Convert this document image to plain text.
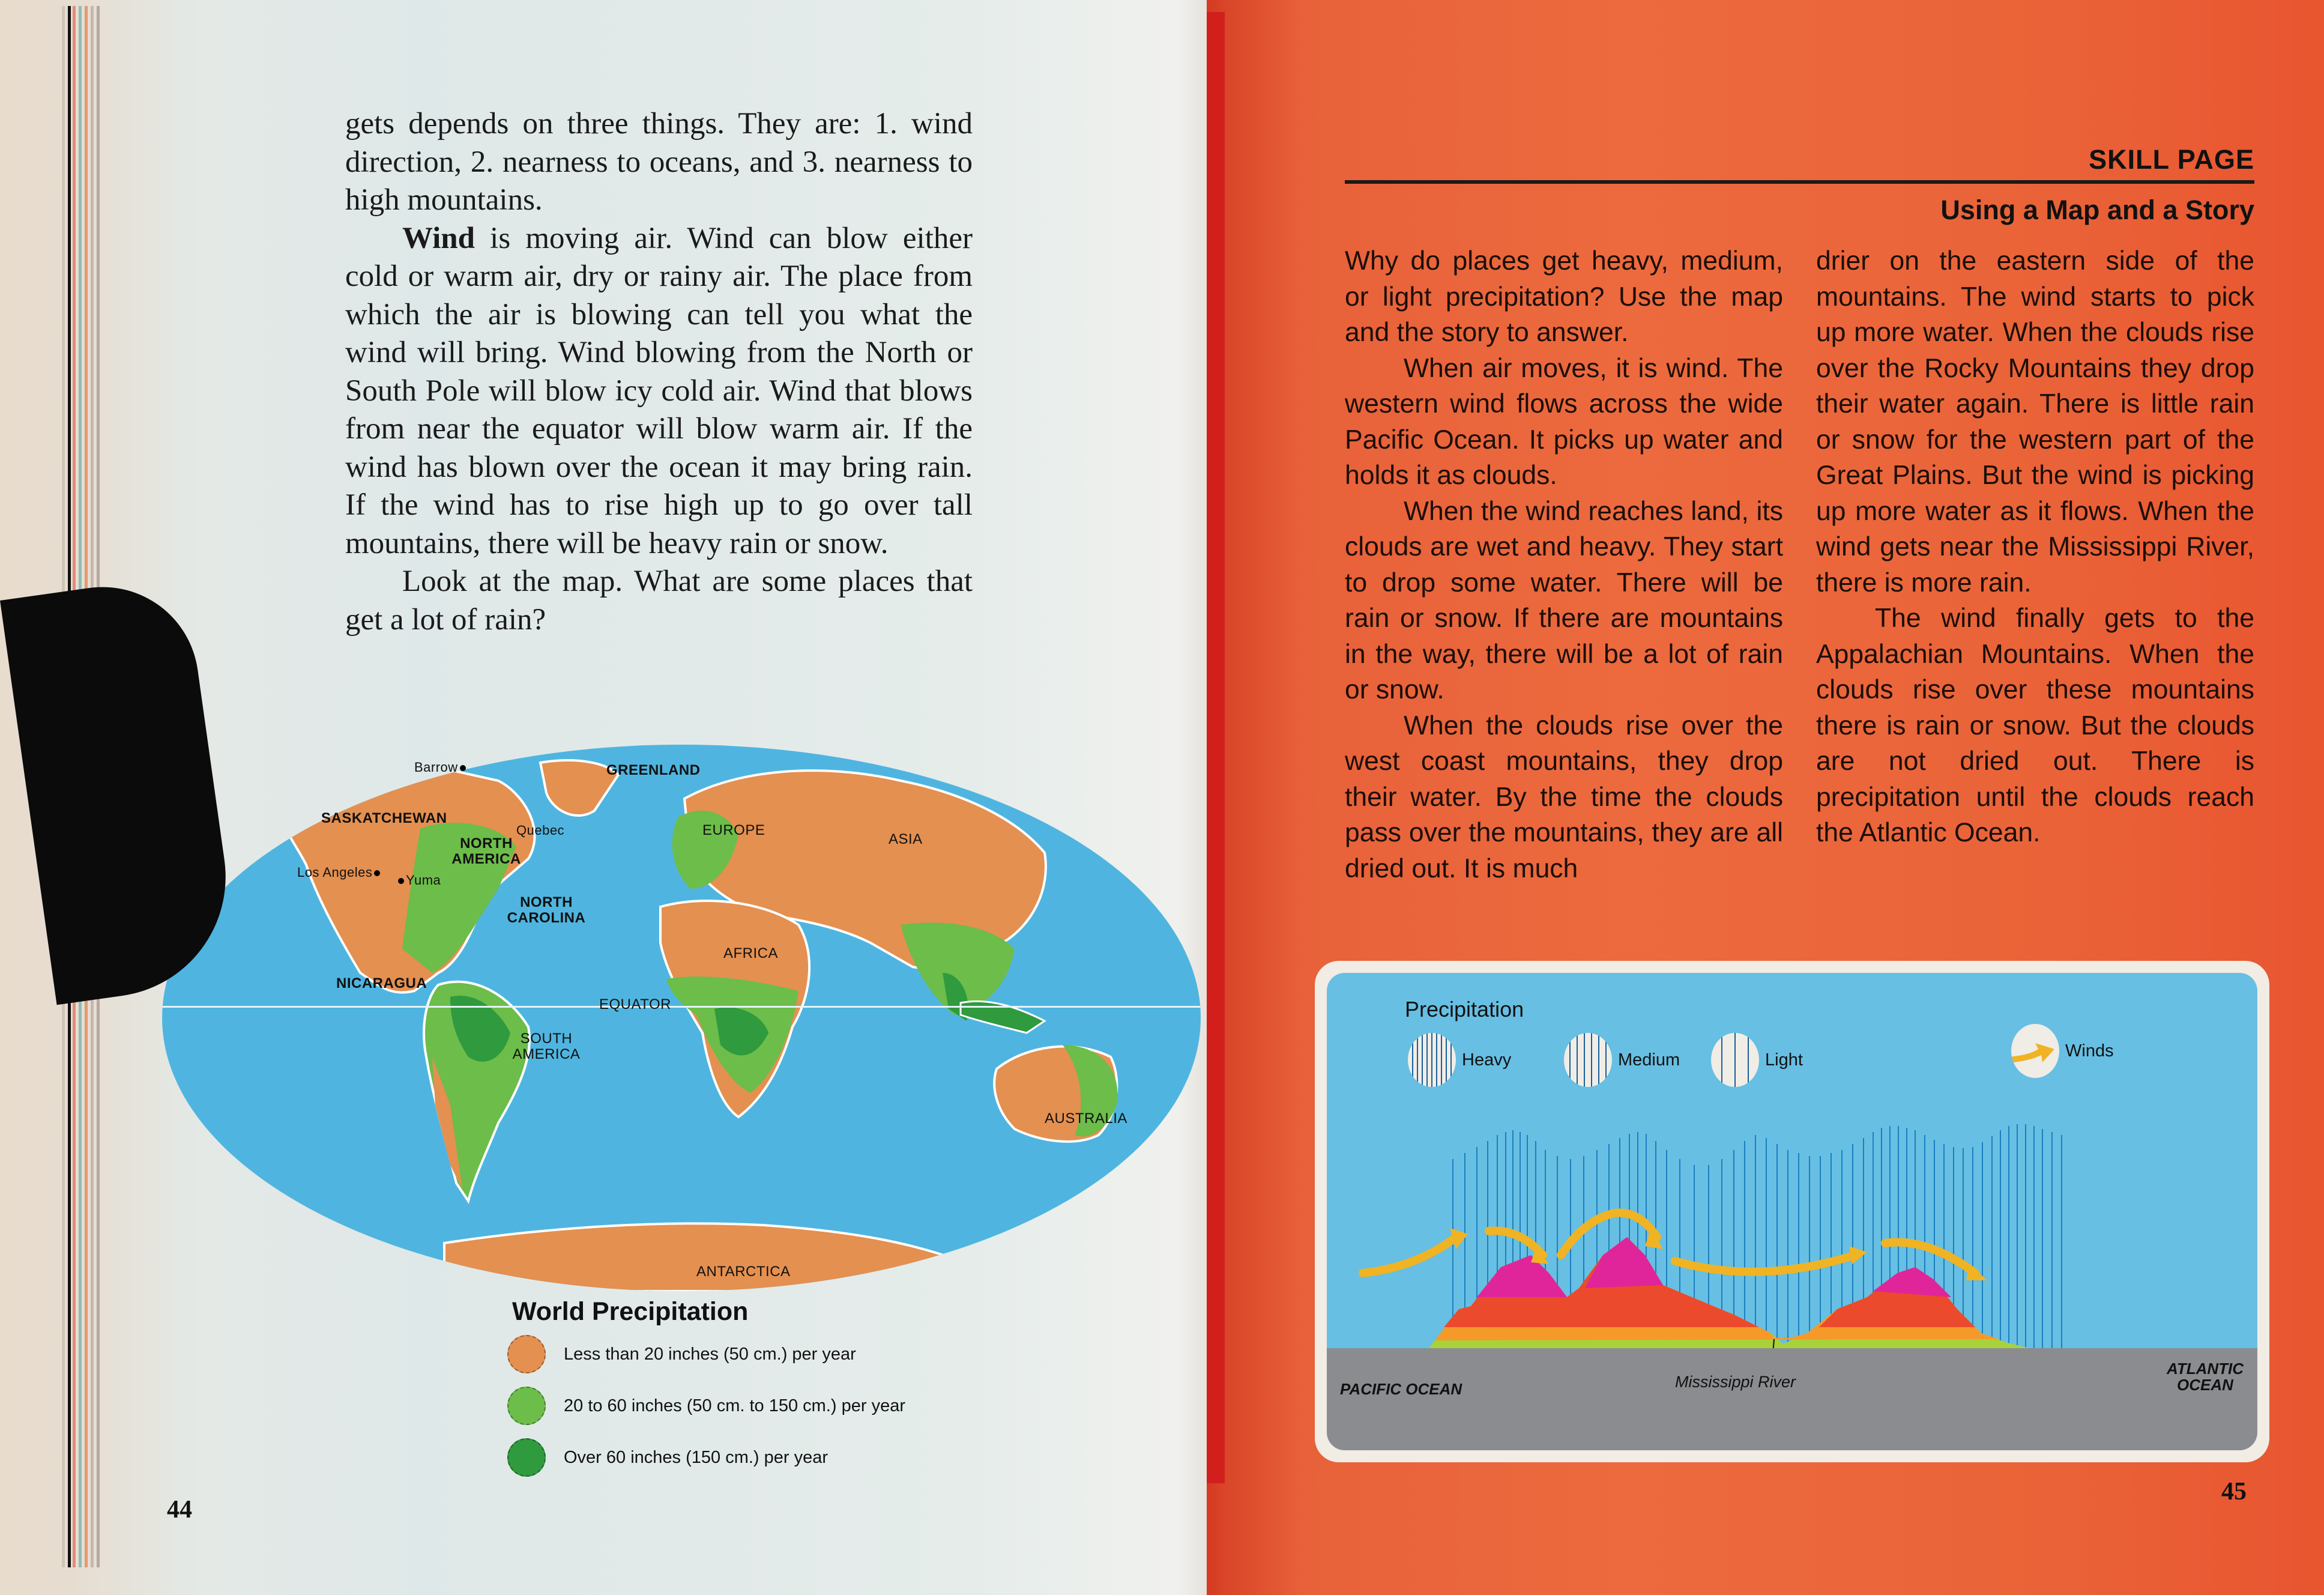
gets depends on three things. They are: 1. wind direction, 2. nearness to oceans, and 3. nearness to high mountains.

Wind is moving air. Wind can blow either cold or warm air, dry or rainy air. The place from which the air is blowing can tell you what the wind will bring. Wind blowing from the North or South Pole will blow icy cold air. Wind that blows from near the equator will blow warm air. If the wind has blown over the ocean it may bring rain. If the wind has to rise high up to go over tall mountains, there will be heavy rain or snow.

Look at the map. What are some places that get a lot of rain?

Barrow	GREENLAND
SASKATCHEWAN
Quebec
NORTH AMERICA
Los Angeles
Yuma
NORTH CAROLINA
NICARAGUA
EQUATOR
EUROPE
ASIA
AFRICA
SOUTH AMERICA
AUSTRALIA
ANTARCTICA
World Precipitation
Less than 20 inches (50 cm.) per year
20 to 60 inches (50 cm. to 150 cm.) per year
Over 60 inches (150 cm.) per year
44
SKILL PAGE
Using a Map and a Story

Why do places get heavy, medium, or light precipitation? Use the map and the story to answer.

When air moves, it is wind. The western wind flows across the wide Pacific Ocean. It picks up water and holds it as clouds.

When the wind reaches land, its clouds are wet and heavy. They start to drop some water. There will be rain or snow. If there are mountains in the way, there will be a lot of rain or snow.

When the clouds rise over the west coast mountains, they drop their water. By the time the clouds pass over the mountains, they are all dried out. It is much

drier on the eastern side of the mountains. The wind starts to pick up more water. When the clouds rise over the Rocky Mountains they drop their water again. There is little rain or snow for the western part of the Great Plains. But the wind is picking up more water as it flows. When the wind gets near the Mississippi River, there is more rain.

The wind finally gets to the Appalachian Mountains. When the clouds rise over these mountains there is rain or snow. But the clouds are not dried out. There is precipitation until the clouds reach the Atlantic Ocean.

Precipitation
Heavy	Medium	Light	Winds
PACIFIC OCEAN	Mississippi River
ATLANTIC OCEAN
45
